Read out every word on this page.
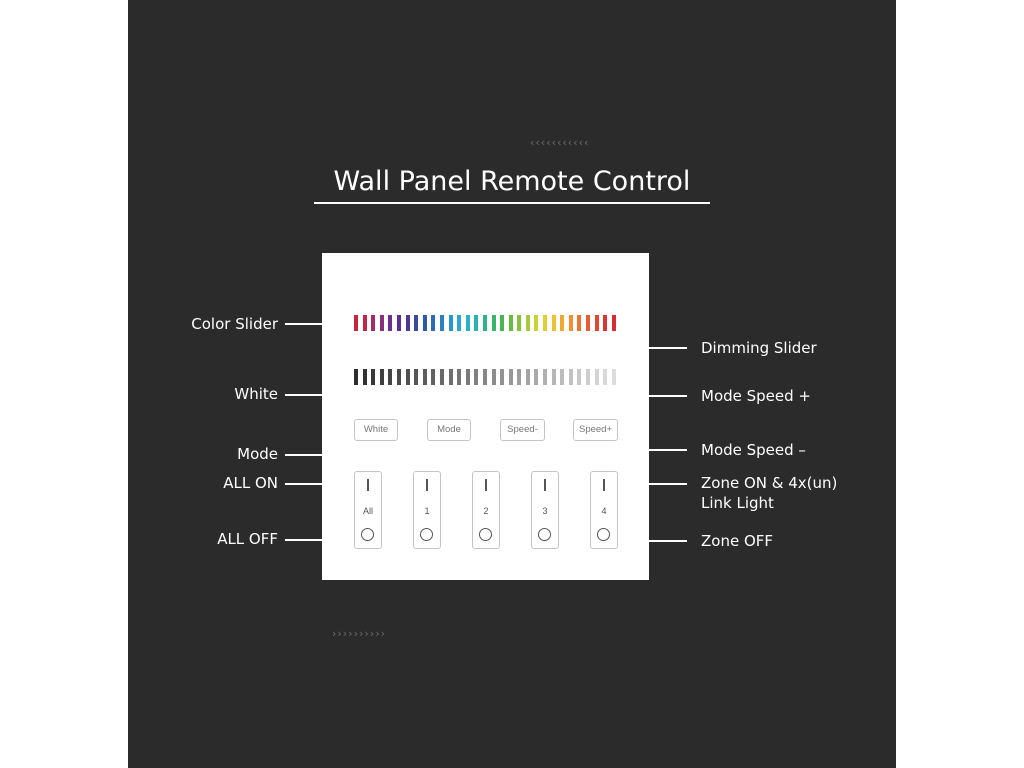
‹‹‹‹‹‹‹‹‹‹‹
Wall Panel Remote Control
White	Mode	Speed-	Speed+
All	1	2	3	4
Color Slider
White
Mode
ALL ON
ALL OFF
Dimming Slider
Mode Speed +
Mode Speed –
Zone ON & 4x(un)
Link Light
Zone OFF
››››››››››
